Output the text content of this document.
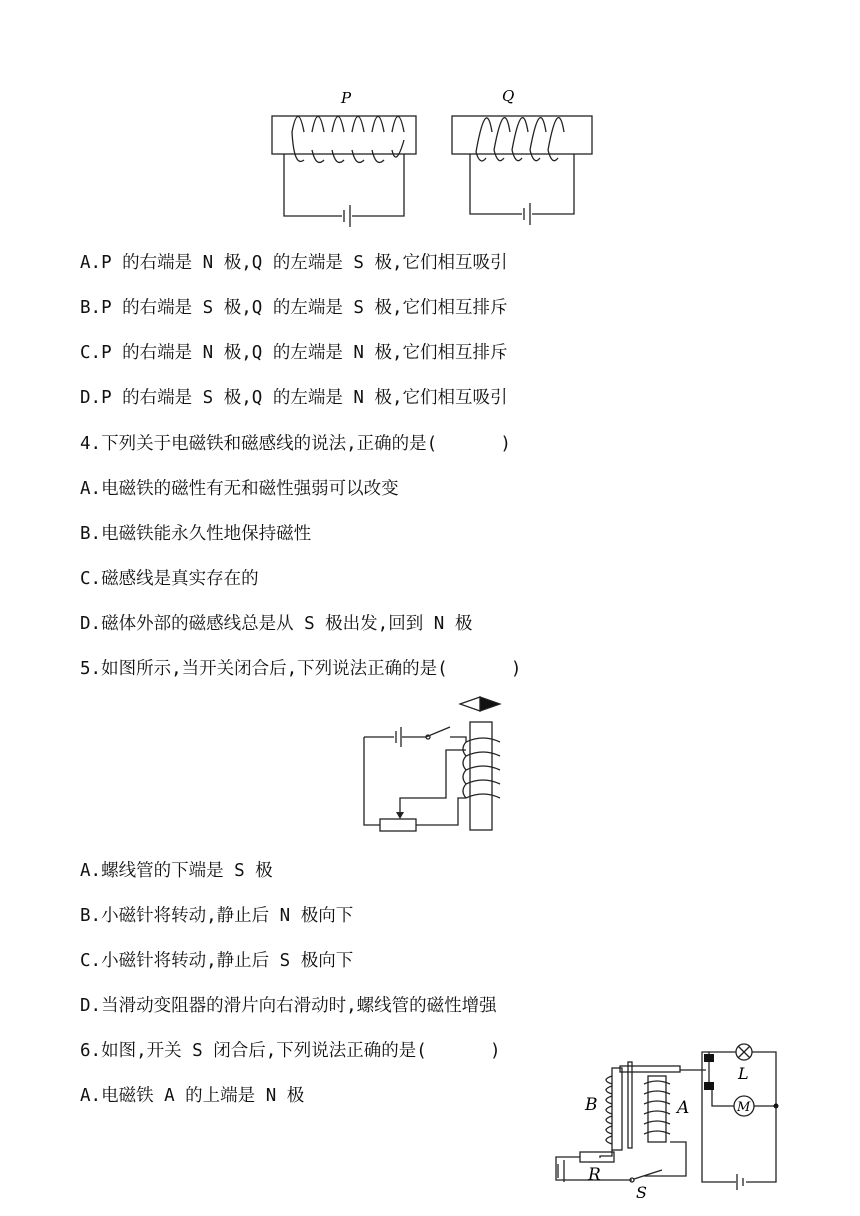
P	Q
A.P 的右端是 N 极,Q 的左端是 S 极,它们相互吸引
B.P 的右端是 S 极,Q 的左端是 S 极,它们相互排斥
C.P 的右端是 N 极,Q 的左端是 N 极,它们相互排斥
D.P 的右端是 S 极,Q 的左端是 N 极,它们相互吸引
4.下列关于电磁铁和磁感线的说法,正确的是(      )
A.电磁铁的磁性有无和磁性强弱可以改变
B.电磁铁能永久性地保持磁性
C.磁感线是真实存在的
D.磁体外部的磁感线总是从 S 极出发,回到 N 极
5.如图所示,当开关闭合后,下列说法正确的是(      )
A.螺线管的下端是 S 极
B.小磁针将转动,静止后 N 极向下
C.小磁针将转动,静止后 S 极向下
D.当滑动变阻器的滑片向右滑动时,螺线管的磁性增强
6.如图,开关 S 闭合后,下列说法正确的是(      )
A.电磁铁 A 的上端是 N 极	B	A
L
M
R
S
